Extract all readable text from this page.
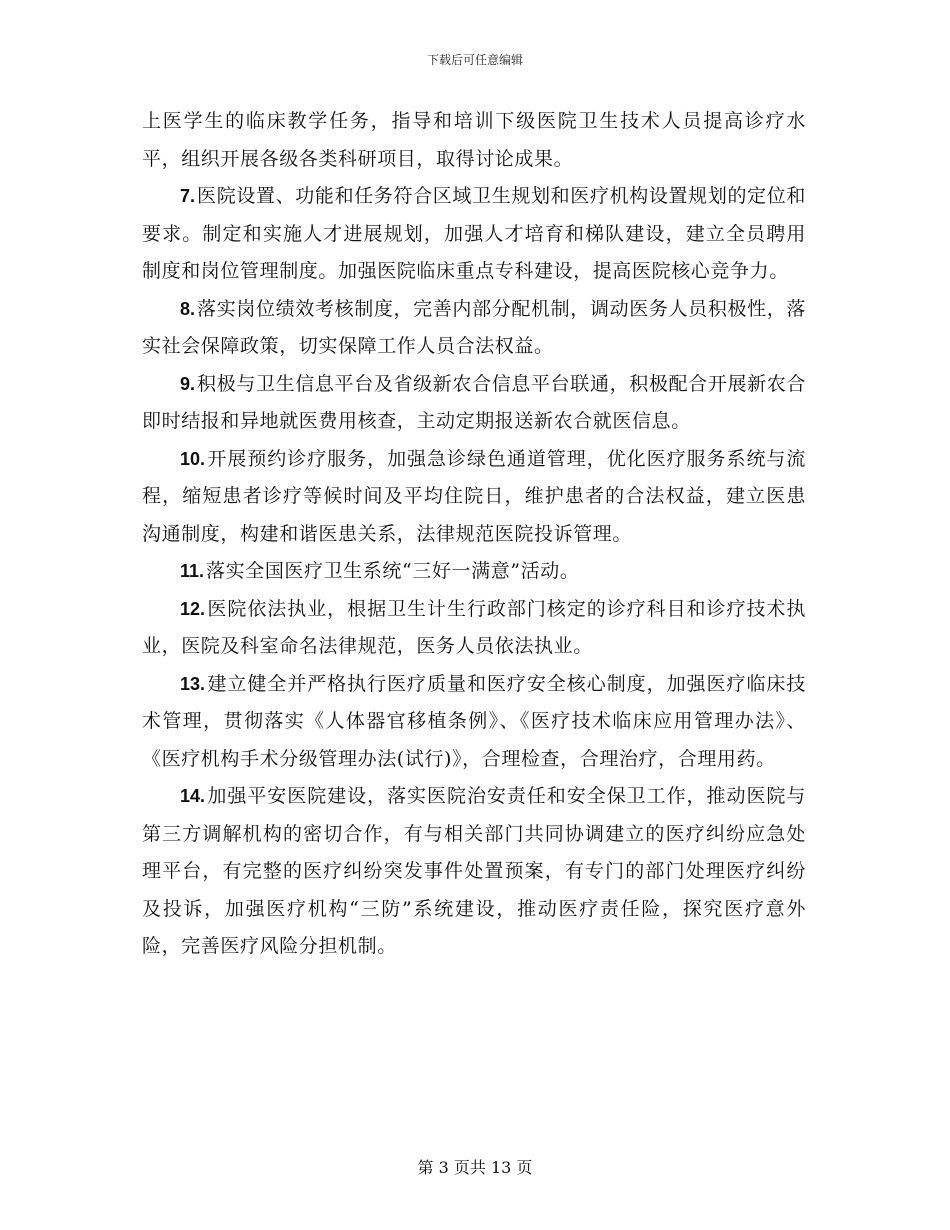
下载后可任意编辑

上医学生的临床教学任务，指导和培训下级医院卫生技术人员提高诊疗水平，组织开展各级各类科研项目，取得讨论成果。

7. 医院设置、功能和任务符合区域卫生规划和医疗机构设置规划的定位和要求。制定和实施人才进展规划，加强人才培育和梯队建设，建立全员聘用制度和岗位管理制度。加强医院临床重点专科建设，提高医院核心竞争力。

8. 落实岗位绩效考核制度，完善内部分配机制，调动医务人员积极性，落实社会保障政策，切实保障工作人员合法权益。

9. 积极与卫生信息平台及省级新农合信息平台联通，积极配合开展新农合即时结报和异地就医费用核查，主动定期报送新农合就医信息。

10. 开展预约诊疗服务，加强急诊绿色通道管理，优化医疗服务系统与流程，缩短患者诊疗等候时间及平均住院日，维护患者的合法权益，建立医患沟通制度，构建和谐医患关系，法律规范医院投诉管理。

11. 落实全国医疗卫生系统“三好一满意”活动。

12. 医院依法执业，根据卫生计生行政部门核定的诊疗科目和诊疗技术执业，医院及科室命名法律规范，医务人员依法执业。

13. 建立健全并严格执行医疗质量和医疗安全核心制度，加强医疗临床技术管理，贯彻落实《人体器官移植条例》、《医疗技术临床应用管理办法》、《医疗机构手术分级管理办法(试行)》，合理检查，合理治疗，合理用药。

14. 加强平安医院建设，落实医院治安责任和安全保卫工作，推动医院与第三方调解机构的密切合作，有与相关部门共同协调建立的医疗纠纷应急处理平台，有完整的医疗纠纷突发事件处置预案，有专门的部门处理医疗纠纷及投诉，加强医疗机构“三防”系统建设，推动医疗责任险，探究医疗意外险，完善医疗风险分担机制。

第 3 页共 13 页
